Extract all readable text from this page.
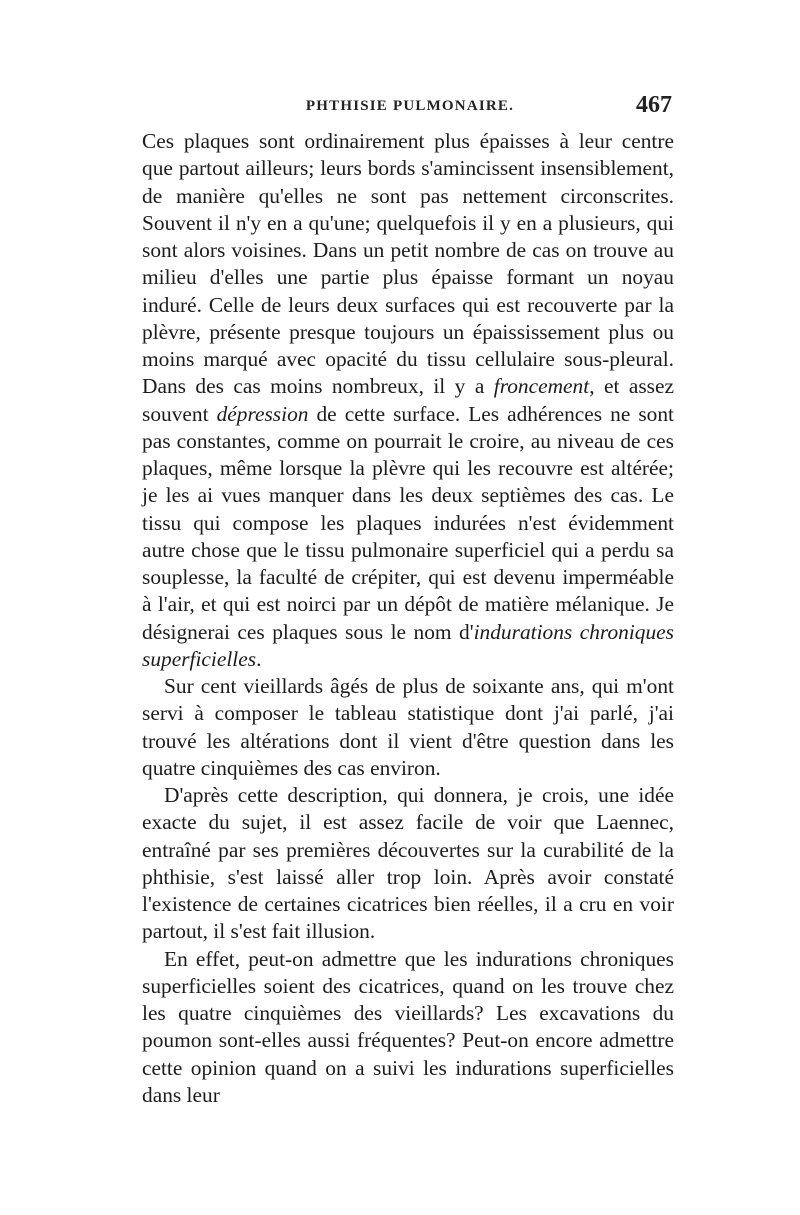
PHTHISIE PULMONAIRE.	467

Ces plaques sont ordinairement plus épaisses à leur centre que partout ailleurs; leurs bords s'amincissent insensiblement, de manière qu'elles ne sont pas nettement circonscrites. Souvent il n'y en a qu'une; quelquefois il y en a plusieurs, qui sont alors voisines. Dans un petit nombre de cas on trouve au milieu d'elles une partie plus épaisse formant un noyau induré. Celle de leurs deux surfaces qui est recouverte par la plèvre, présente presque toujours un épaississement plus ou moins marqué avec opacité du tissu cellulaire sous-pleural. Dans des cas moins nombreux, il y a froncement, et assez souvent dépression de cette surface. Les adhérences ne sont pas constantes, comme on pourrait le croire, au niveau de ces plaques, même lorsque la plèvre qui les recouvre est altérée; je les ai vues manquer dans les deux septièmes des cas. Le tissu qui compose les plaques indurées n'est évidemment autre chose que le tissu pulmonaire superficiel qui a perdu sa souplesse, la faculté de crépiter, qui est devenu imperméable à l'air, et qui est noirci par un dépôt de matière mélanique. Je désignerai ces plaques sous le nom d'indurations chroniques superficielles.

Sur cent vieillards âgés de plus de soixante ans, qui m'ont servi à composer le tableau statistique dont j'ai parlé, j'ai trouvé les altérations dont il vient d'être question dans les quatre cinquièmes des cas environ.

D'après cette description, qui donnera, je crois, une idée exacte du sujet, il est assez facile de voir que Laennec, entraîné par ses premières découvertes sur la curabilité de la phthisie, s'est laissé aller trop loin. Après avoir constaté l'existence de certaines cicatrices bien réelles, il a cru en voir partout, il s'est fait illusion.

En effet, peut-on admettre que les indurations chroniques superficielles soient des cicatrices, quand on les trouve chez les quatre cinquièmes des vieillards? Les excavations du poumon sont-elles aussi fréquentes? Peut-on encore admettre cette opinion quand on a suivi les indurations superficielles dans leur
